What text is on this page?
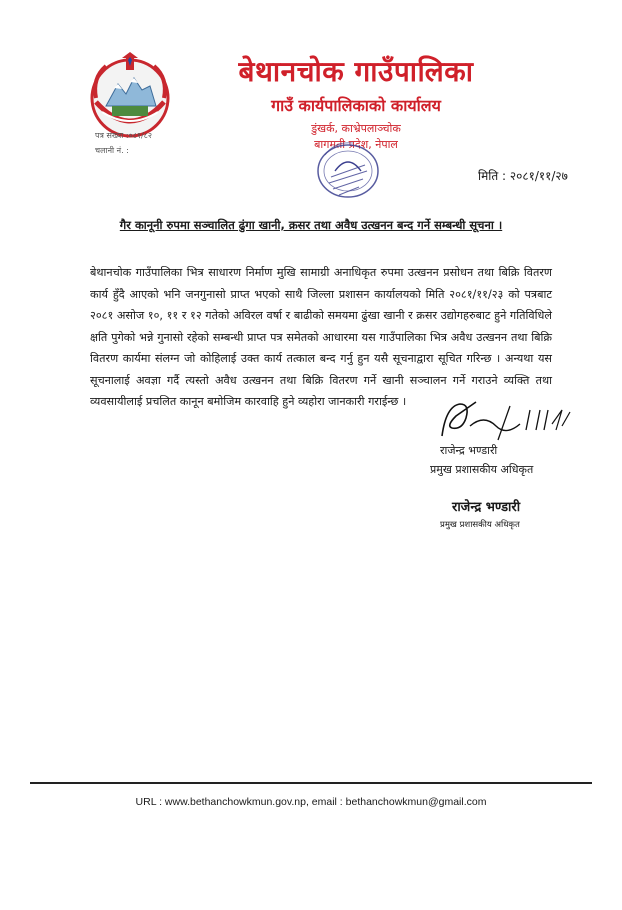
बेथानचोक गाउँपालिका
गाउँ कार्यपालिकाको कार्यालय
डुंखर्क, काभ्रेपलाञ्चोक
बागमती प्रदेश, नेपाल
पत्र संख्या :०८१/८२
चलानी नं. :
मिति : २०८१/११/२७
गैर कानूनी रुपमा सञ्चालित ढुंगा खानी, क्रसर तथा अवैध उत्खनन बन्द गर्ने सम्बन्धी सूचना ।
बेथानचोक गाउँपालिका भित्र साधारण निर्माण मुखि सामाग्री अनाधिकृत रुपमा उत्खनन प्रसोधन तथा बिक्रि वितरण कार्य हुँदै आएको भनि जनगुनासो प्राप्त भएको साथै जिल्ला प्रशासन कार्यालयको मिति २०८१/११/२३ को पत्रबाट २०८१ असोज १०, ११ र १२ गतेको अविरल वर्षा र बाढीको समयमा ढुंखा खानी र क्रसर उद्योगहरुबाट हुने गतिविधिले क्षति पुगेको भन्ने गुनासो रहेको सम्बन्धी प्राप्त पत्र समेतको आधारमा यस गाउँपालिका भित्र अवैध उत्खनन तथा बिक्रि वितरण कार्यमा संलग्न जो कोहिलाई उक्त कार्य तत्काल बन्द गर्नु हुन यसै सूचनाद्वारा सूचित गरिन्छ । अन्यथा यस सूचनालाई अवज्ञा गर्दै त्यस्तो अवैध उत्खनन तथा बिक्रि वितरण गर्ने खानी सञ्चालन गर्ने गराउने व्यक्ति तथा व्यवसायीलाई प्रचलित कानून बमोजिम कारवाहि हुने व्यहोरा जानकारी गराईन्छ ।
राजेन्द्र भण्डारी
प्रमुख प्रशासकीय अधिकृत
राजेन्द्र भण्डारी
प्रमुख प्रशासकीय अधिकृत
URL : www.bethanchowkmun.gov.np, email : bethanchowkmun@gmail.com
